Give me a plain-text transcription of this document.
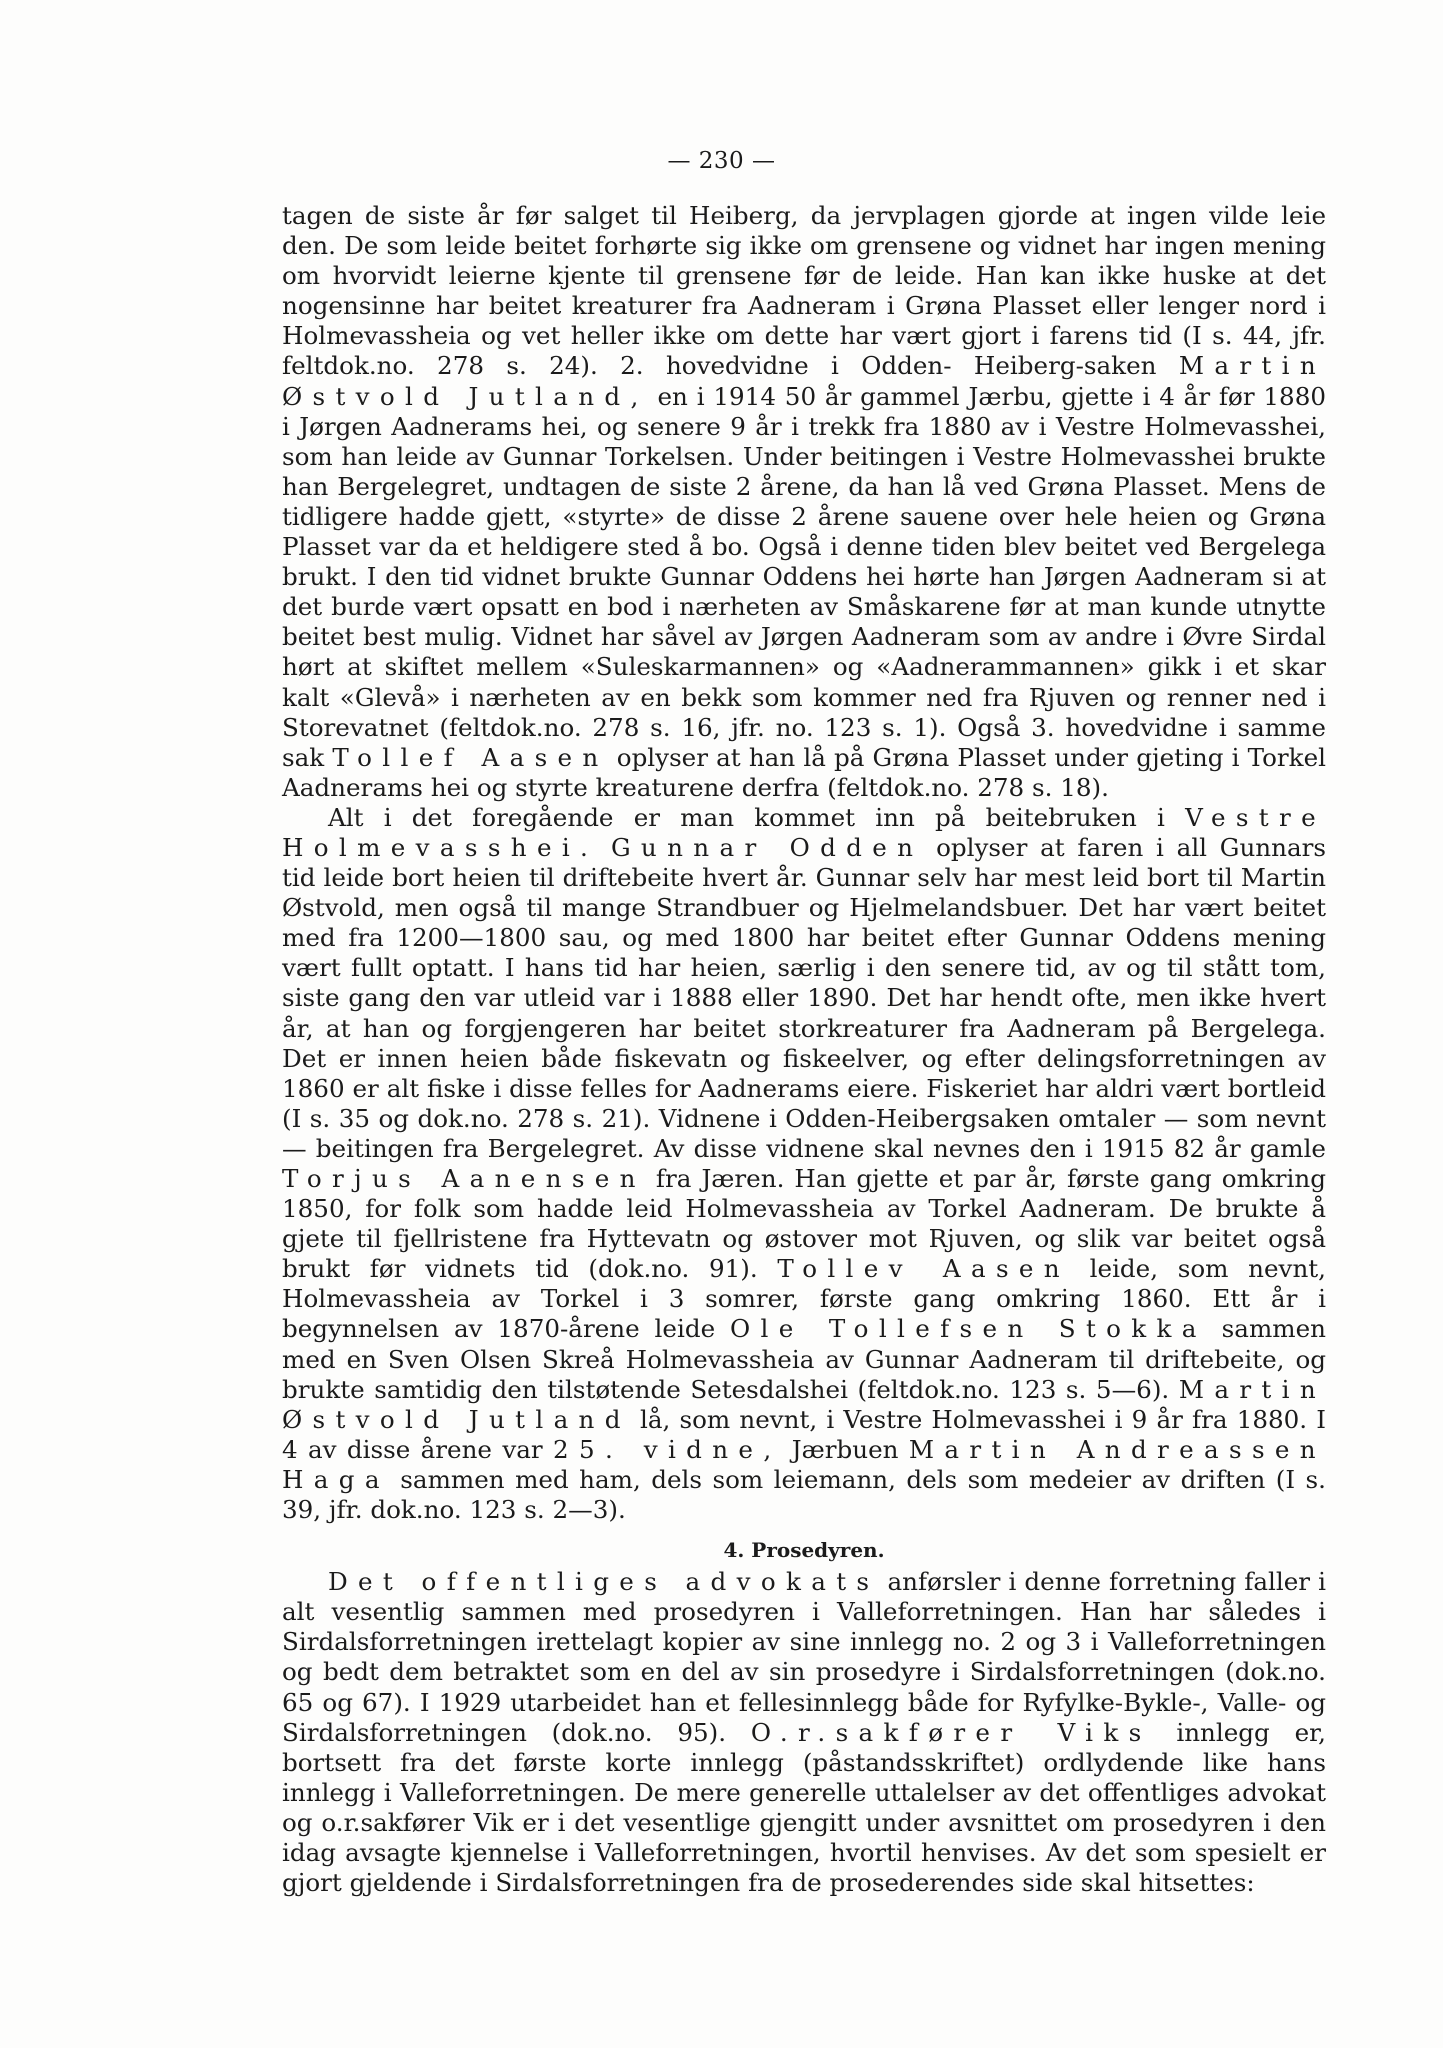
— 230 —

tagen de siste år før salget til Heiberg, da jervplagen gjorde at ingen vilde leie den. De som leide beitet forhørte sig ikke om grensene og vidnet har ingen mening om hvorvidt leierne kjente til grensene før de leide. Han kan ikke huske at det nogensinne har beitet kreaturer fra Aadneram i Grøna Plasset eller lenger nord i Holmevassheia og vet heller ikke om dette har vært gjort i farens tid (I s. 44, jfr. feltdok.no. 278 s. 24). 2. hovedvidne i Odden- Heiberg-saken Martin Østvold Jutland, en i 1914 50 år gammel Jærbu, gjette i 4 år før 1880 i Jørgen Aadnerams hei, og senere 9 år i trekk fra 1880 av i Vestre Holmevasshei, som han leide av Gunnar Torkelsen. Under beitingen i Vestre Holmevasshei brukte han Bergelegret, undtagen de siste 2 årene, da han lå ved Grøna Plasset. Mens de tidligere hadde gjett, «styrte» de disse 2 årene sauene over hele heien og Grøna Plasset var da et heldigere sted å bo. Også i denne tiden blev beitet ved Bergelega brukt. I den tid vidnet brukte Gunnar Oddens hei hørte han Jørgen Aadneram si at det burde vært opsatt en bod i nærheten av Småskarene før at man kunde utnytte beitet best mulig. Vidnet har såvel av Jørgen Aadneram som av andre i Øvre Sirdal hørt at skiftet mellem «Suleskarmannen» og «Aadnerammannen» gikk i et skar kalt «Glevå» i nærheten av en bekk som kommer ned fra Rjuven og renner ned i Storevatnet (feltdok.no. 278 s. 16, jfr. no. 123 s. 1). Også 3. hovedvidne i samme sak Tollef Aasen oplyser at han lå på Grøna Plasset under gjeting i Torkel Aadnerams hei og styrte kreaturene derfra (feltdok.no. 278 s. 18).

Alt i det foregående er man kommet inn på beitebruken i Vestre Holmevasshei. Gunnar Odden oplyser at faren i all Gunnars tid leide bort heien til driftebeite hvert år. Gunnar selv har mest leid bort til Martin Østvold, men også til mange Strandbuer og Hjelmelandsbuer. Det har vært beitet med fra 1200—1800 sau, og med 1800 har beitet efter Gunnar Oddens mening vært fullt optatt. I hans tid har heien, særlig i den senere tid, av og til stått tom, siste gang den var utleid var i 1888 eller 1890. Det har hendt ofte, men ikke hvert år, at han og forgjengeren har beitet storkreaturer fra Aadneram på Bergelega. Det er innen heien både fiskevatn og fiskeelver, og efter delingsforretningen av 1860 er alt fiske i disse felles for Aadnerams eiere. Fiskeriet har aldri vært bortleid (I s. 35 og dok.no. 278 s. 21). Vidnene i Odden-Heibergsaken omtaler — som nevnt — beitingen fra Bergelegret. Av disse vidnene skal nevnes den i 1915 82 år gamle Torjus Aanensen fra Jæren. Han gjette et par år, første gang omkring 1850, for folk som hadde leid Holmevassheia av Torkel Aadneram. De brukte å gjete til fjellristene fra Hyttevatn og østover mot Rjuven, og slik var beitet også brukt før vidnets tid (dok.no. 91). Tollev Aasen leide, som nevnt, Holmevassheia av Torkel i 3 somrer, første gang omkring 1860. Ett år i begynnelsen av 1870-årene leide Ole Tollefsen Stokka sammen med en Sven Olsen Skreå Holmevassheia av Gunnar Aadneram til driftebeite, og brukte samtidig den tilstøtende Setesdalshei (feltdok.no. 123 s. 5—6). Martin Østvold Jutland lå, som nevnt, i Vestre Holmevasshei i 9 år fra 1880. I 4 av disse årene var 25. vidne, Jærbuen Martin Andreassen Haga sammen med ham, dels som leiemann, dels som medeier av driften (I s. 39, jfr. dok.no. 123 s. 2—3).

4. Prosedyren.

Det offentliges advokats anførsler i denne forretning faller i alt vesentlig sammen med prosedyren i Valleforretningen. Han har således i Sirdalsforretningen irettelagt kopier av sine innlegg no. 2 og 3 i Valleforretningen og bedt dem betraktet som en del av sin prosedyre i Sirdalsforretningen (dok.no. 65 og 67). I 1929 utarbeidet han et fellesinnlegg både for Ryfylke-Bykle-, Valle- og Sirdalsforretningen (dok.no. 95). O.r.sakfører Viks innlegg er, bortsett fra det første korte innlegg (påstandsskriftet) ordlydende like hans innlegg i Valleforretningen. De mere generelle uttalelser av det offentliges advokat og o.r.sakfører Vik er i det vesentlige gjengitt under avsnittet om prosedyren i den idag avsagte kjennelse i Valleforretningen, hvortil henvises. Av det som spesielt er gjort gjeldende i Sirdalsforretningen fra de prosederendes side skal hitsettes:
